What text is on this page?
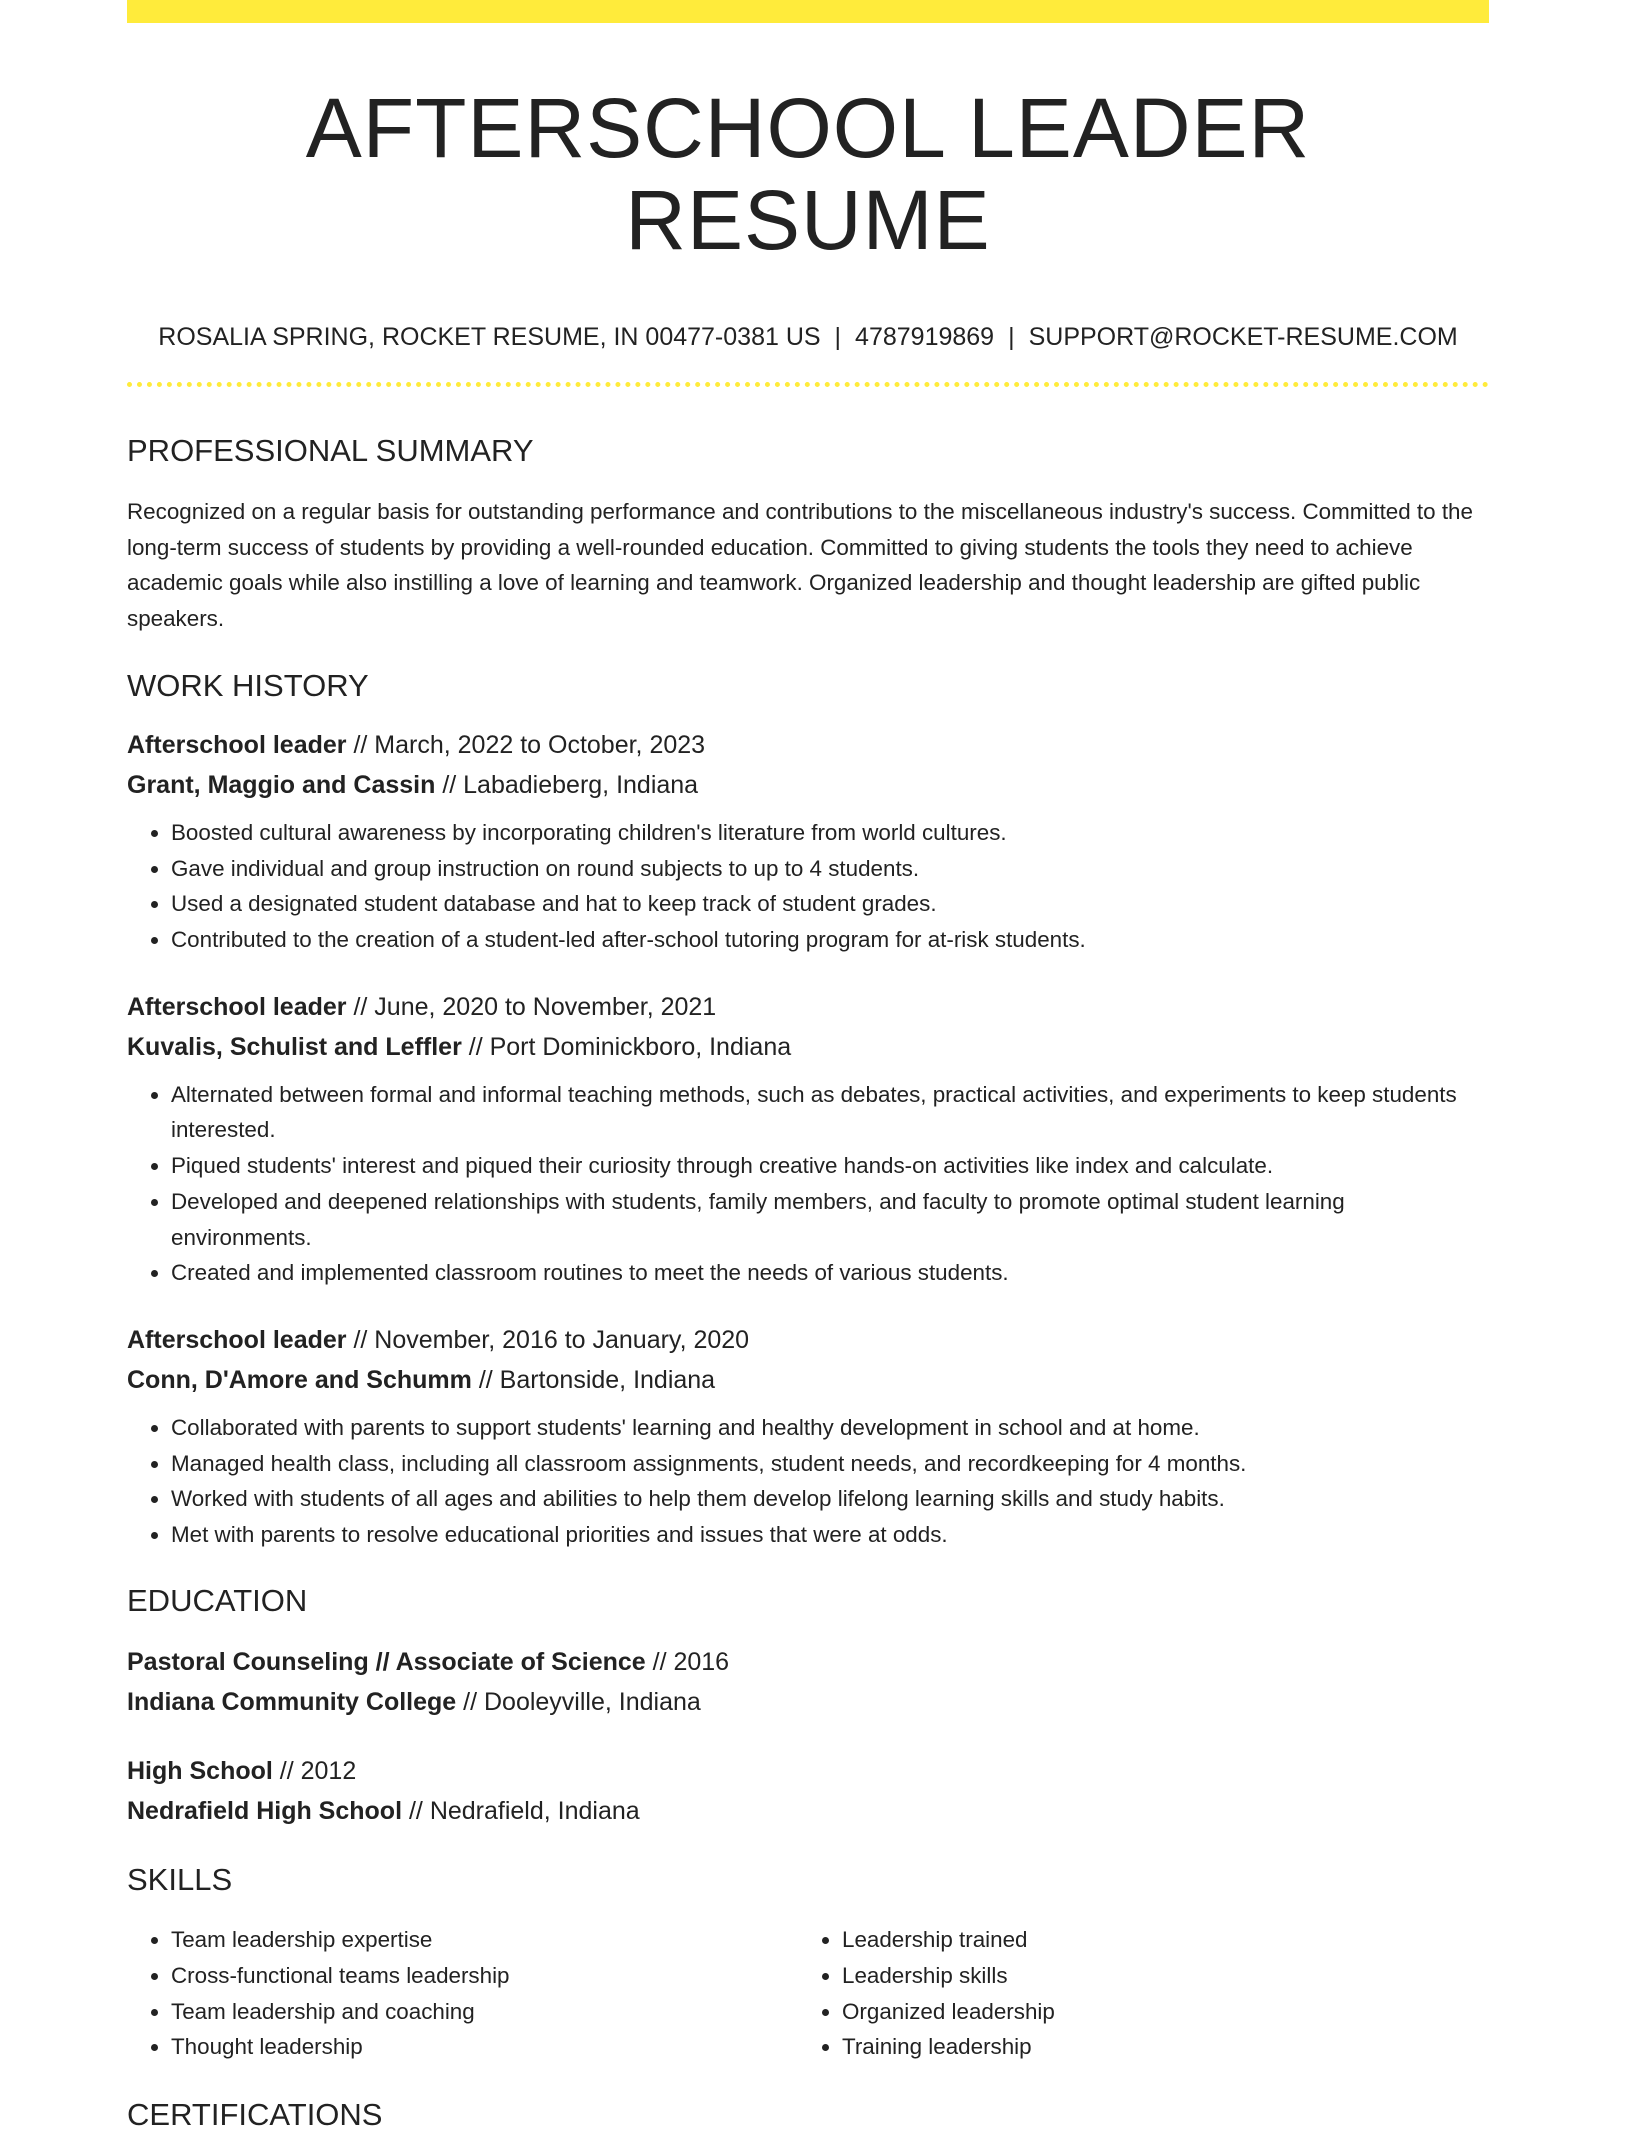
AFTERSCHOOL LEADER RESUME
ROSALIA SPRING, ROCKET RESUME, IN 00477-0381 US | 4787919869 | SUPPORT@ROCKET-RESUME.COM
PROFESSIONAL SUMMARY
Recognized on a regular basis for outstanding performance and contributions to the miscellaneous industry's success. Committed to the long-term success of students by providing a well-rounded education. Committed to giving students the tools they need to achieve academic goals while also instilling a love of learning and teamwork. Organized leadership and thought leadership are gifted public speakers.
WORK HISTORY
Afterschool leader // March, 2022 to October, 2023
Grant, Maggio and Cassin // Labadieberg, Indiana
• Boosted cultural awareness by incorporating children's literature from world cultures.
• Gave individual and group instruction on round subjects to up to 4 students.
• Used a designated student database and hat to keep track of student grades.
• Contributed to the creation of a student-led after-school tutoring program for at-risk students.
Afterschool leader // June, 2020 to November, 2021
Kuvalis, Schulist and Leffler // Port Dominickboro, Indiana
• Alternated between formal and informal teaching methods, such as debates, practical activities, and experiments to keep students interested.
• Piqued students' interest and piqued their curiosity through creative hands-on activities like index and calculate.
• Developed and deepened relationships with students, family members, and faculty to promote optimal student learning environments.
• Created and implemented classroom routines to meet the needs of various students.
Afterschool leader // November, 2016 to January, 2020
Conn, D'Amore and Schumm // Bartonside, Indiana
• Collaborated with parents to support students' learning and healthy development in school and at home.
• Managed health class, including all classroom assignments, student needs, and recordkeeping for 4 months.
• Worked with students of all ages and abilities to help them develop lifelong learning skills and study habits.
• Met with parents to resolve educational priorities and issues that were at odds.
EDUCATION
Pastoral Counseling // Associate of Science // 2016
Indiana Community College // Dooleyville, Indiana
High School // 2012
Nedrafield High School // Nedrafield, Indiana
SKILLS
• Team leadership expertise
• Cross-functional teams leadership
• Team leadership and coaching
• Thought leadership
• Leadership trained
• Leadership skills
• Organized leadership
• Training leadership
CERTIFICATIONS
